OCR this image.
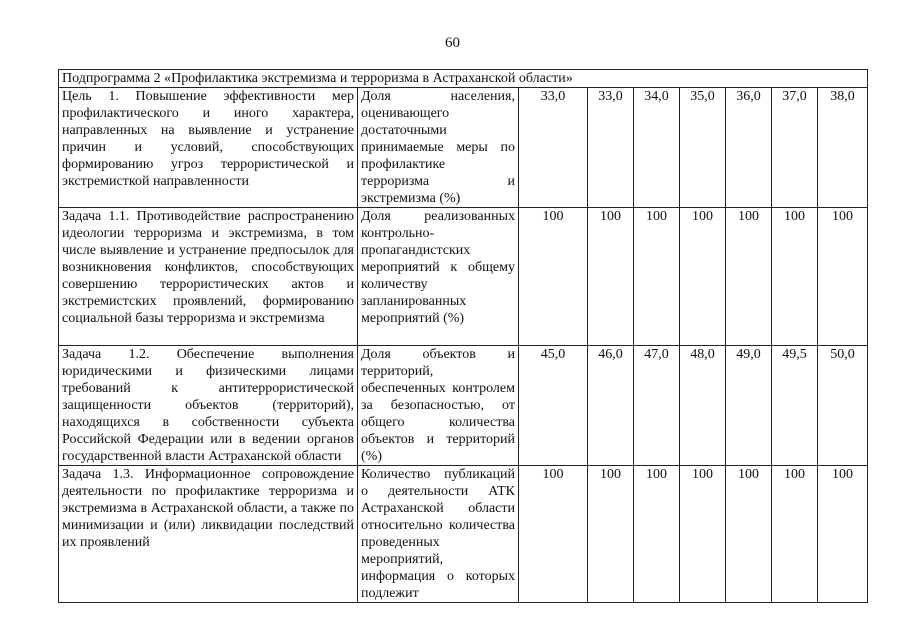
60
Подпрограмма 2 «Профилактика экстремизма и терроризма в Астраханской области»								
Цель 1. Повышение эффективности мер профилактического и иного характера, направленных на выявление и устранение причин и условий, способствующих формированию угроз террористической и экстремисткой направленности	Доля населения, оценивающего достаточными принимаемые меры по профилактике терроризма и экстремизма (%)	33,0	33,0	34,0	35,0	36,0	37,0	38,0
Задача 1.1. Противодействие распространению идеологии терроризма и экстремизма, в том числе выявление и устранение предпосылок для возникновения конфликтов, способствующих совершению террористических актов и экстремистских проявлений, формированию социальной базы терроризма и экстремизма	Доля реализованных контрольно-пропагандистских мероприятий к общему количеству запланированных мероприятий (%)	100	100	100	100	100	100	100
Задача 1.2. Обеспечение выполнения юридическими и физическими лицами требований к антитеррористической защищенности объектов (территорий), находящихся в собственности субъекта Российской Федерации или в ведении органов государственной власти Астраханской области	Доля объектов и территорий, обеспеченных контролем за безопасностью, от общего количества объектов и территорий (%)	45,0	46,0	47,0	48,0	49,0	49,5	50,0
Задача 1.3. Информационное сопровождение деятельности по профилактике терроризма и экстремизма в Астраханской области, а также по минимизации и (или) ликвидации последствий их проявлений	Количество публикаций о деятельности АТК Астраханской области относительно количества проведенных мероприятий, информация о которых подлежит	100	100	100	100	100	100	100
